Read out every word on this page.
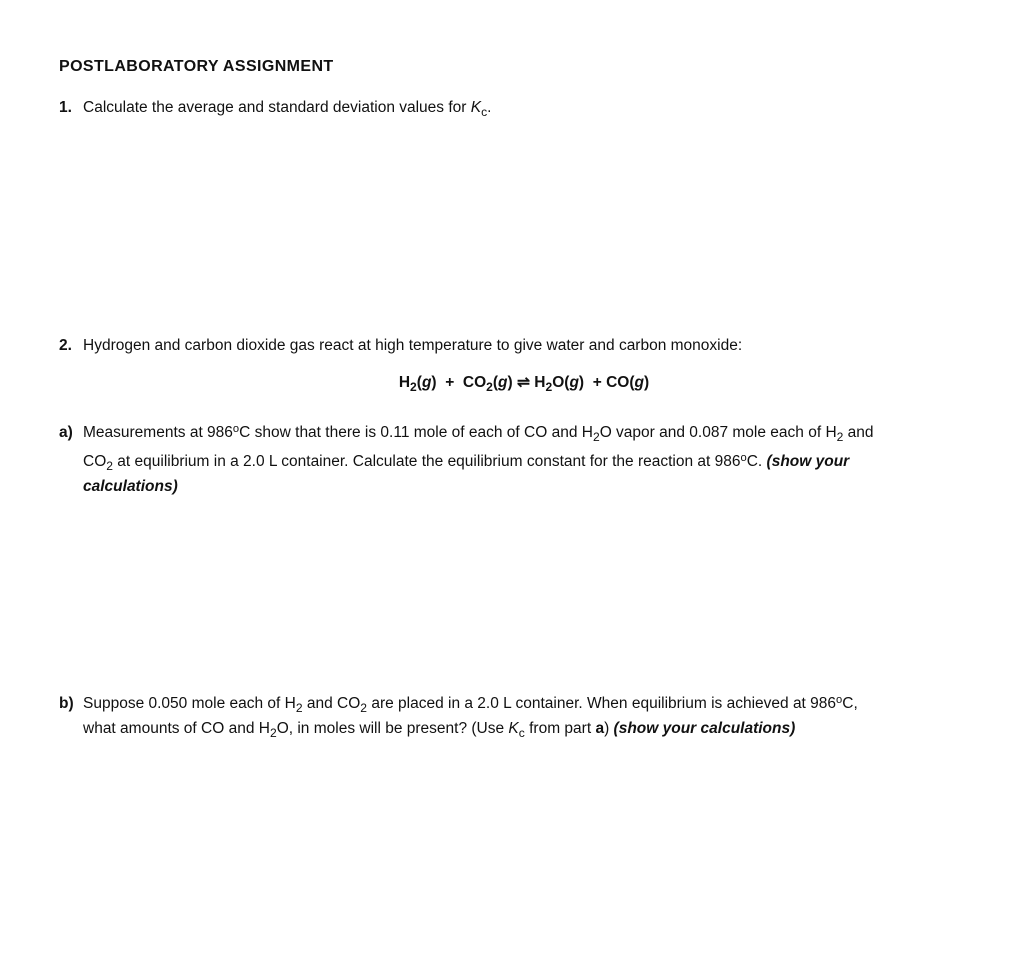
POSTLABORATORY ASSIGNMENT
1. Calculate the average and standard deviation values for $K_c$.
2. Hydrogen and carbon dioxide gas react at high temperature to give water and carbon monoxide:
$H_2(g) + CO_2(g)$ ⇌ $H_2O(g) + CO(g)$
a) Measurements at 986$^o$C show that there is 0.11 mole of each of CO and $H_2O$ vapor and 0.087 mole each of $H_2$ and
$CO_2$ at equilibrium in a 2.0 L container. Calculate the equilibrium constant for the reaction at 986$^o$C. (show your
calculations)
b) Suppose 0.050 mole each of $H_2$ and $CO_2$ are placed in a 2.0 L container. When equilibrium is achieved at 986$^o$C,
what amounts of CO and $H_2O$, in moles will be present? (Use $K_c$ from part a) (show your calculations)
